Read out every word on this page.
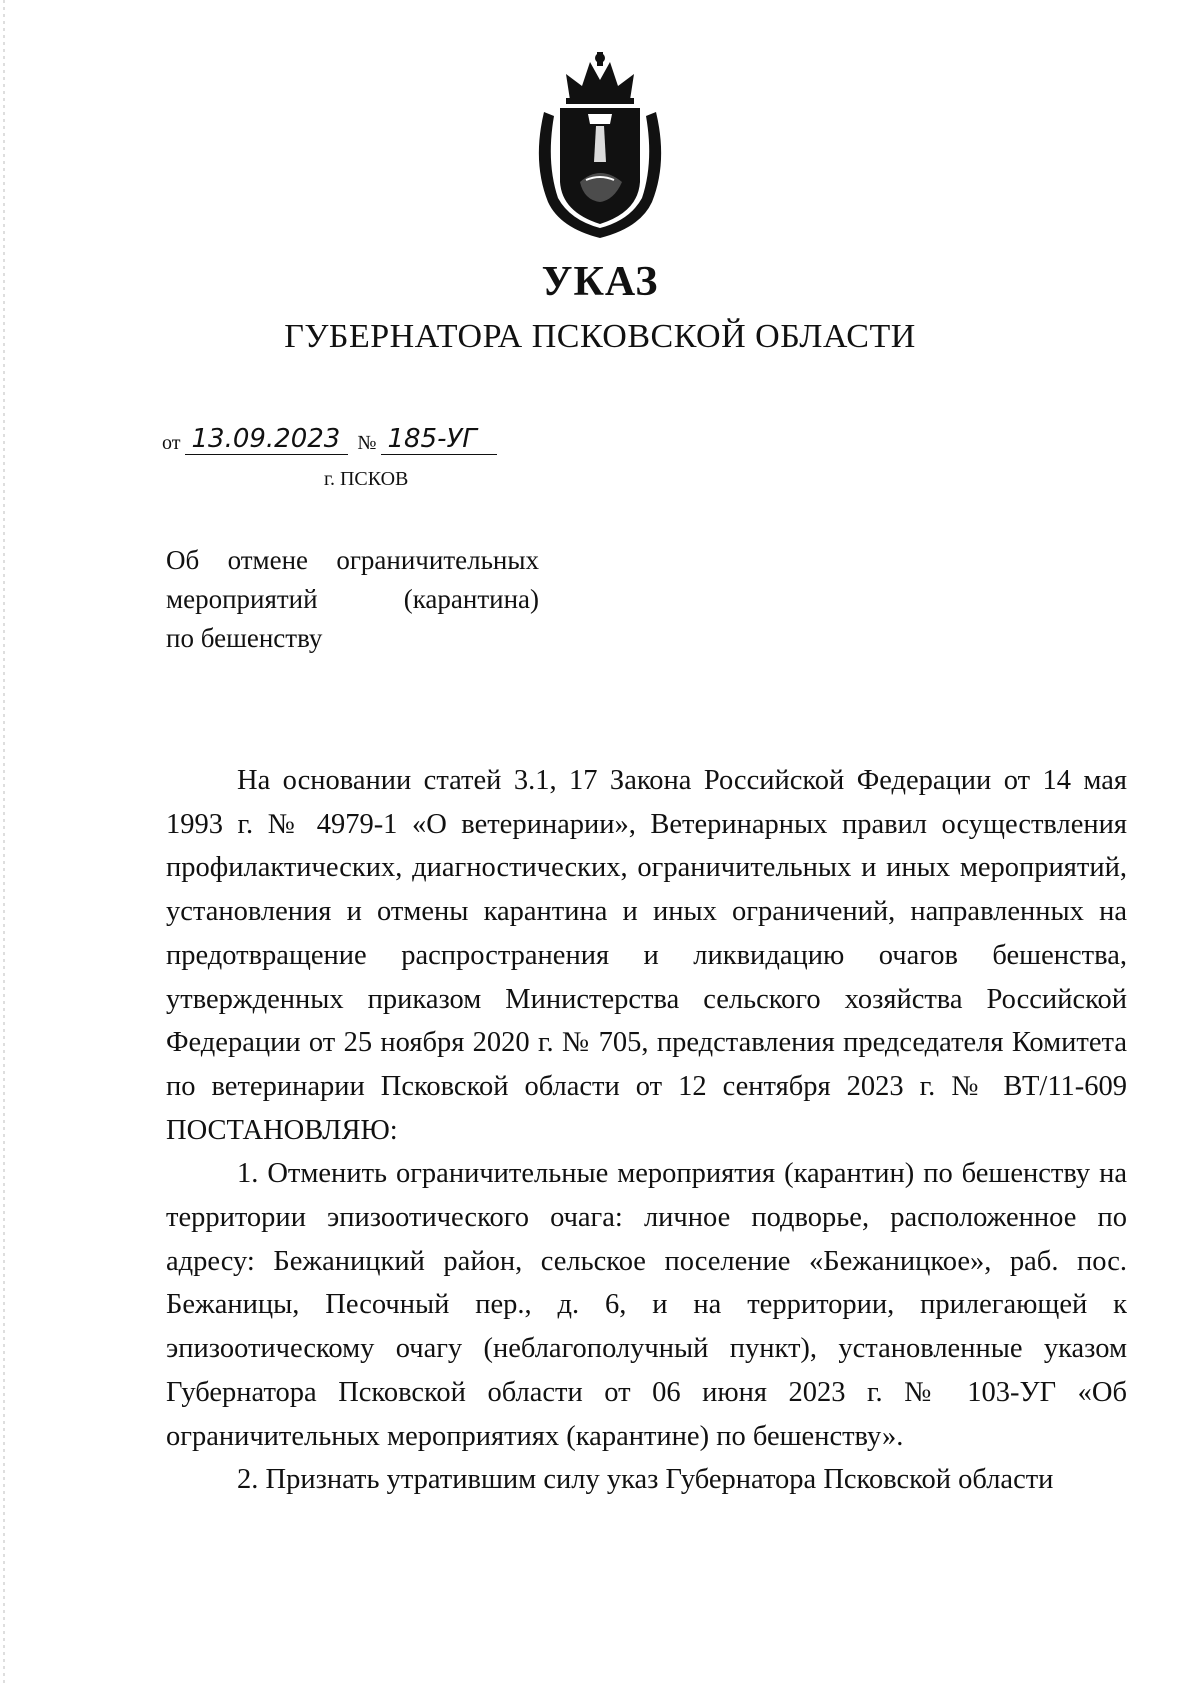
УКАЗ
ГУБЕРНАТОРА ПСКОВСКОЙ ОБЛАСТИ
от 13.09.2023 № 185-УГ
г. ПСКОВ
Об отмене ограничительных
мероприятий (карантина)
по бешенству

На основании статей 3.1, 17 Закона Российской Федерации от 14 мая 1993 г. № 4979-1 «О ветеринарии», Ветеринарных правил осуществления профилактических, диагностических, ограничительных и иных мероприятий, установления и отмены карантина и иных ограничений, направленных на предотвращение распространения и ликвидацию очагов бешенства, утвержденных приказом Министерства сельского хозяйства Российской Федерации от 25 ноября 2020 г. № 705, представления председателя Комитета по ветеринарии Псковской области от 12 сентября 2023 г. № ВТ/11-609 ПОСТАНОВЛЯЮ:

1. Отменить ограничительные мероприятия (карантин) по бешенству на территории эпизоотического очага: личное подворье, расположенное по адресу: Бежаницкий район, сельское поселение «Бежаницкое», раб. пос. Бежаницы, Песочный пер., д. 6, и на территории, прилегающей к эпизоотическому очагу (неблагополучный пункт), установленные указом Губернатора Псковской области от 06 июня 2023 г. № 103-УГ «Об ограничительных мероприятиях (карантине) по бешенству».

2. Признать утратившим силу указ Губернатора Псковской области
